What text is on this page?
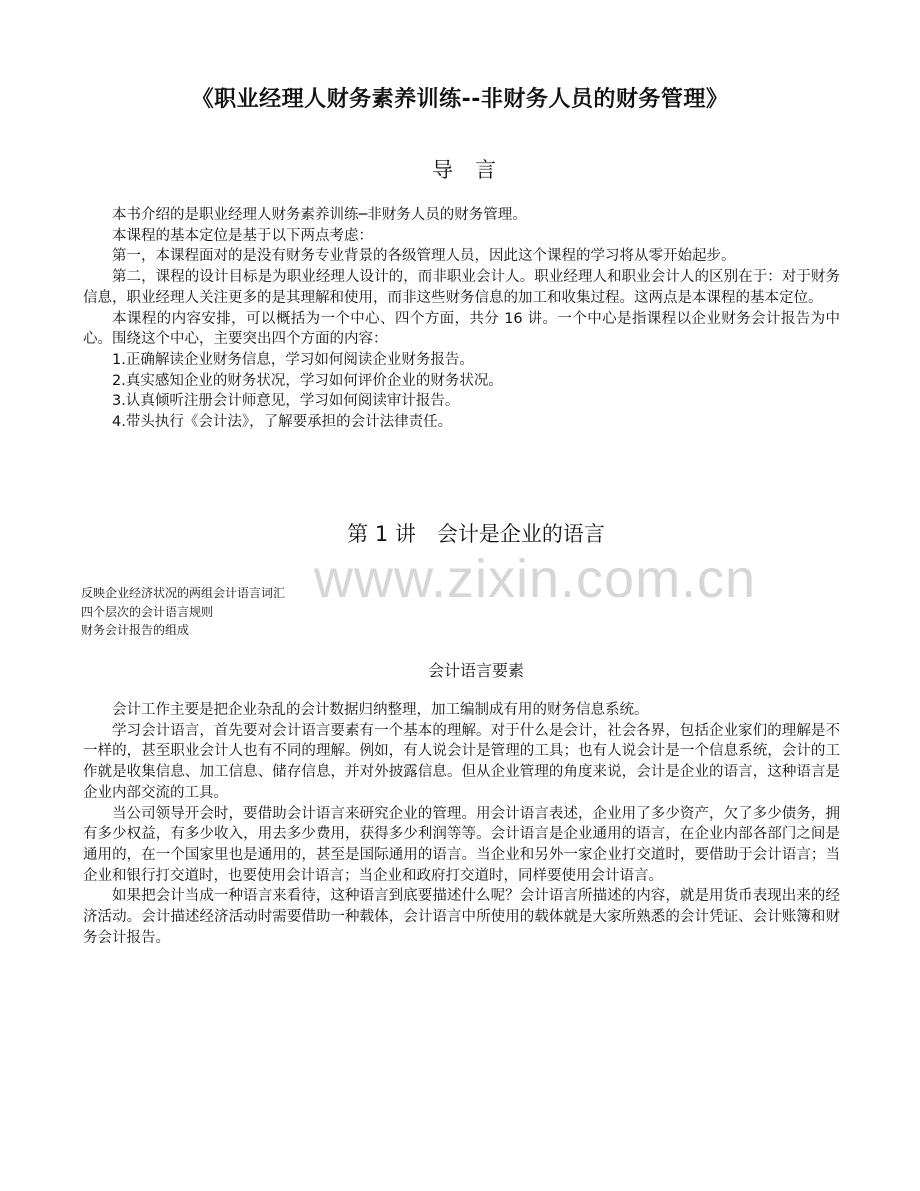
《职业经理人财务素养训练--非财务人员的财务管理》
导言

本书介绍的是职业经理人财务素养训练─非财务人员的财务管理。

本课程的基本定位是基于以下两点考虑：

第一，本课程面对的是没有财务专业背景的各级管理人员，因此这个课程的学习将从零开始起步。

第二，课程的设计目标是为职业经理人设计的，而非职业会计人。职业经理人和职业会计人的区别在于：对于财务信息，职业经理人关注更多的是其理解和使用，而非这些财务信息的加工和收集过程。这两点是本课程的基本定位。

本课程的内容安排，可以概括为一个中心、四个方面，共分 16 讲。一个中心是指课程以企业财务会计报告为中心。围绕这个中心，主要突出四个方面的内容：

1.正确解读企业财务信息，学习如何阅读企业财务报告。

2.真实感知企业的财务状况，学习如何评价企业的财务状况。

3.认真倾听注册会计师意见，学习如何阅读审计报告。

4.带头执行《会计法》，了解要承担的会计法律责任。

www.zixin.com.cn
第 1 讲　会计是企业的语言
反映企业经济状况的两组会计语言词汇
四个层次的会计语言规则
财务会计报告的组成
会计语言要素

会计工作主要是把企业杂乱的会计数据归纳整理，加工编制成有用的财务信息系统。

学习会计语言，首先要对会计语言要素有一个基本的理解。对于什么是会计，社会各界，包括企业家们的理解是不一样的，甚至职业会计人也有不同的理解。例如，有人说会计是管理的工具；也有人说会计是一个信息系统，会计的工作就是收集信息、加工信息、储存信息，并对外披露信息。但从企业管理的角度来说，会计是企业的语言，这种语言是企业内部交流的工具。

当公司领导开会时，要借助会计语言来研究企业的管理。用会计语言表述，企业用了多少资产，欠了多少债务，拥有多少权益，有多少收入，用去多少费用，获得多少利润等等。会计语言是企业通用的语言，在企业内部各部门之间是通用的，在一个国家里也是通用的，甚至是国际通用的语言。当企业和另外一家企业打交道时，要借助于会计语言；当企业和银行打交道时，也要使用会计语言；当企业和政府打交道时，同样要使用会计语言。

如果把会计当成一种语言来看待，这种语言到底要描述什么呢？会计语言所描述的内容，就是用货币表现出来的经济活动。会计描述经济活动时需要借助一种载体，会计语言中所使用的载体就是大家所熟悉的会计凭证、会计账簿和财务会计报告。
